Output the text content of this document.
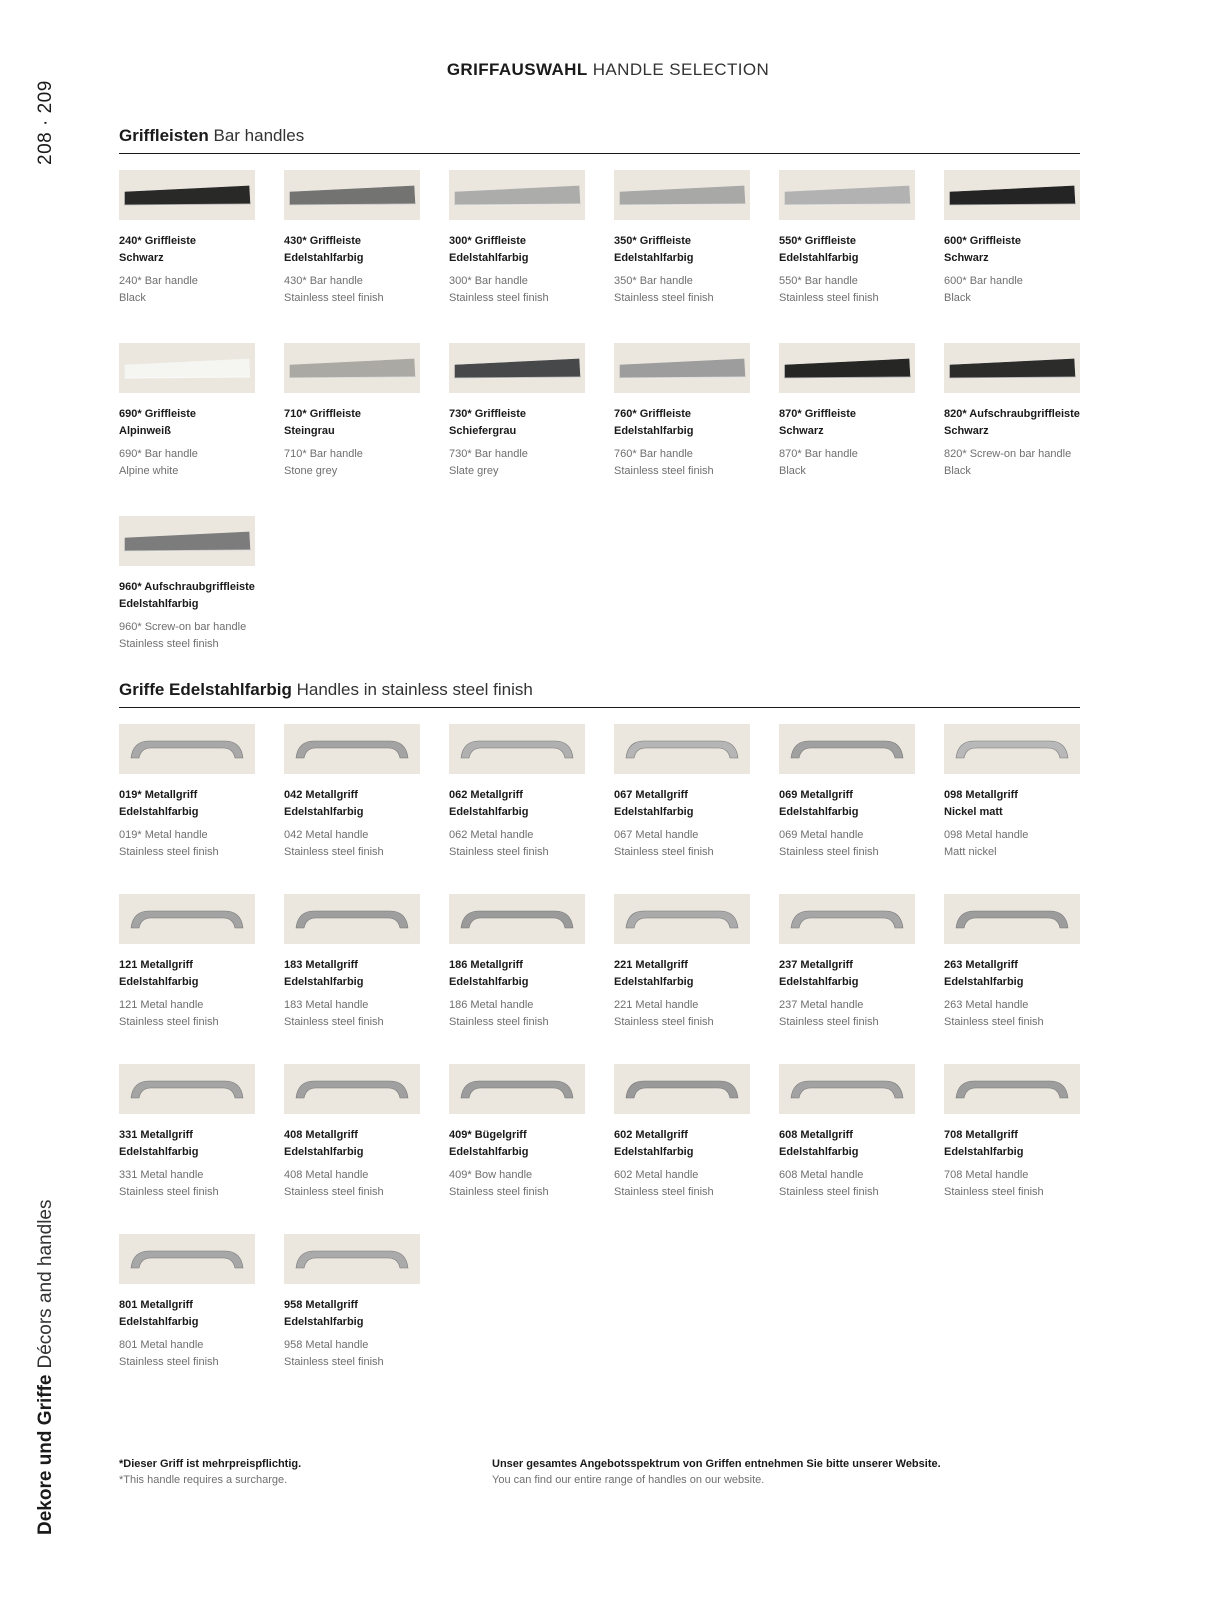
GRIFFAUSWAHL HANDLE SELECTION
208 · 209
Dekore und GriffeDécors and handles
Griffleisten Bar handles
240* Griffleiste
Schwarz
240* Bar handle
Black
430* Griffleiste
Edelstahlfarbig
430* Bar handle
Stainless steel finish
300* Griffleiste
Edelstahlfarbig
300* Bar handle
Stainless steel finish
350* Griffleiste
Edelstahlfarbig
350* Bar handle
Stainless steel finish
550* Griffleiste
Edelstahlfarbig
550* Bar handle
Stainless steel finish
600* Griffleiste
Schwarz
600* Bar handle
Black
690* Griffleiste
Alpinweiß
690* Bar handle
Alpine white
710* Griffleiste
Steingrau
710* Bar handle
Stone grey
730* Griffleiste
Schiefergrau
730* Bar handle
Slate grey
760* Griffleiste
Edelstahlfarbig
760* Bar handle
Stainless steel finish
870* Griffleiste
Schwarz
870* Bar handle
Black
820* Aufschraubgriffleiste
Schwarz
820* Screw-on bar handle
Black
960* Aufschraubgriffleiste
Edelstahlfarbig
960* Screw-on bar handle
Stainless steel finish
Griffe Edelstahlfarbig Handles in stainless steel finish
019* Metallgriff
Edelstahlfarbig
019* Metal handle
Stainless steel finish
042 Metallgriff
Edelstahlfarbig
042 Metal handle
Stainless steel finish
062 Metallgriff
Edelstahlfarbig
062 Metal handle
Stainless steel finish
067 Metallgriff
Edelstahlfarbig
067 Metal handle
Stainless steel finish
069 Metallgriff
Edelstahlfarbig
069 Metal handle
Stainless steel finish
098 Metallgriff
Nickel matt
098 Metal handle
Matt nickel
121 Metallgriff
Edelstahlfarbig
121 Metal handle
Stainless steel finish
183 Metallgriff
Edelstahlfarbig
183 Metal handle
Stainless steel finish
186 Metallgriff
Edelstahlfarbig
186 Metal handle
Stainless steel finish
221 Metallgriff
Edelstahlfarbig
221 Metal handle
Stainless steel finish
237 Metallgriff
Edelstahlfarbig
237 Metal handle
Stainless steel finish
263 Metallgriff
Edelstahlfarbig
263 Metal handle
Stainless steel finish
331 Metallgriff
Edelstahlfarbig
331 Metal handle
Stainless steel finish
408 Metallgriff
Edelstahlfarbig
408 Metal handle
Stainless steel finish
409* Bügelgriff
Edelstahlfarbig
409* Bow handle
Stainless steel finish
602 Metallgriff
Edelstahlfarbig
602 Metal handle
Stainless steel finish
608 Metallgriff
Edelstahlfarbig
608 Metal handle
Stainless steel finish
708 Metallgriff
Edelstahlfarbig
708 Metal handle
Stainless steel finish
801 Metallgriff
Edelstahlfarbig
801 Metal handle
Stainless steel finish
958 Metallgriff
Edelstahlfarbig
958 Metal handle
Stainless steel finish
*Dieser Griff ist mehrpreispflichtig.
*This handle requires a surcharge.
Unser gesamtes Angebotsspektrum von Griffen entnehmen Sie bitte unserer Website.
You can find our entire range of handles on our website.
